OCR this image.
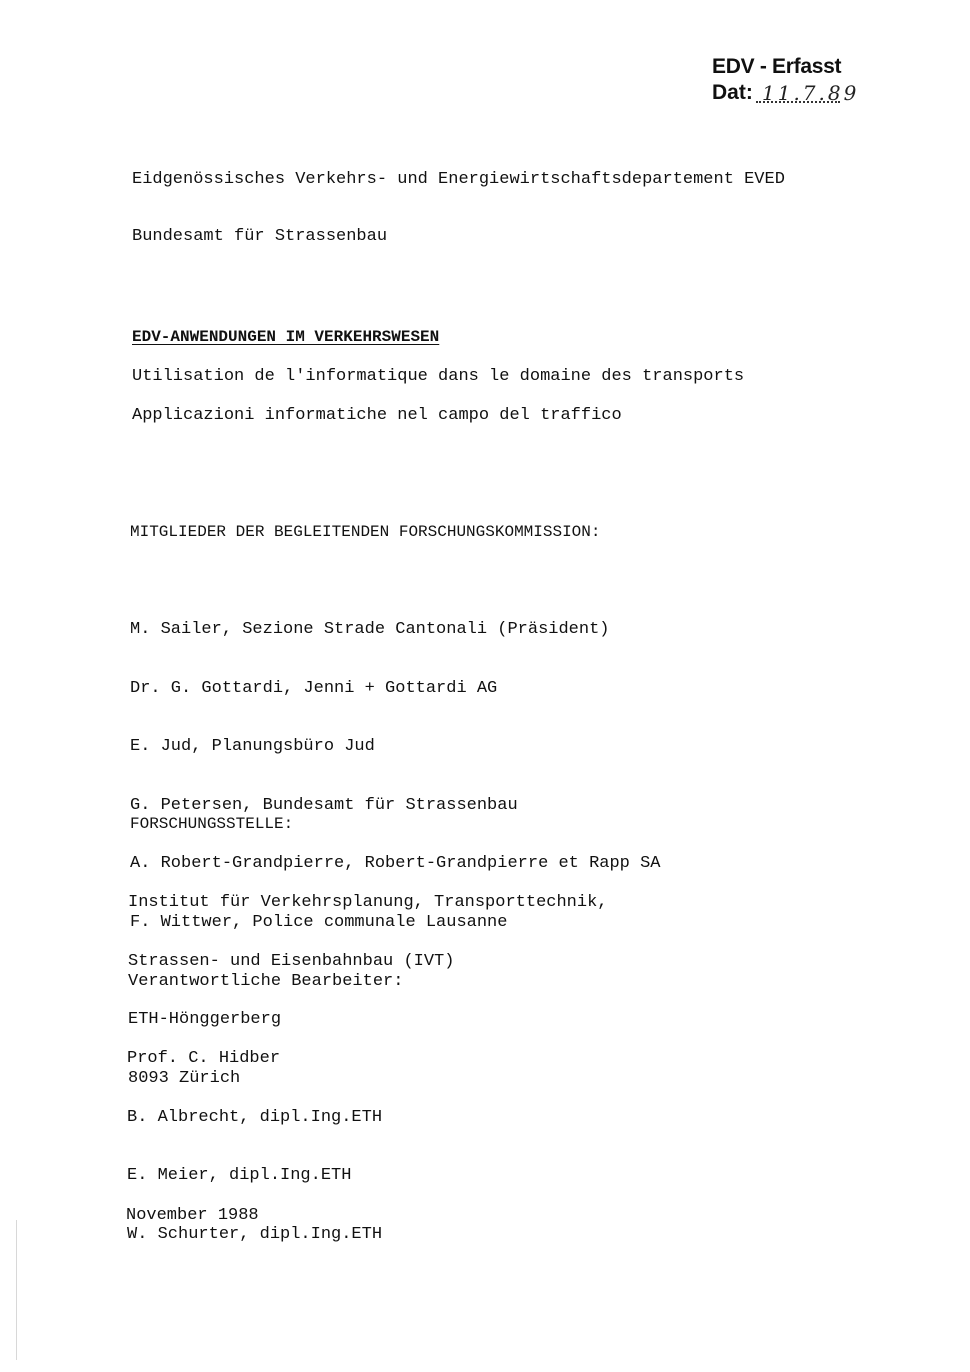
EDV - Erfasst
Dat: 11.7.89

Eidgenössisches Verkehrs- und Energiewirtschaftsdepartement EVED

Bundesamt für Strassenbau

EDV-ANWENDUNGEN IM VERKEHRSWESEN
Utilisation de l'informatique dans le domaine des transports
Applicazioni informatiche nel campo del traffico
MITGLIEDER DER BEGLEITENDEN FORSCHUNGSKOMMISSION:

M. Sailer, Sezione Strade Cantonali (Präsident)

Dr. G. Gottardi, Jenni + Gottardi AG

E. Jud, Planungsbüro Jud

G. Petersen, Bundesamt für Strassenbau

A. Robert-Grandpierre, Robert-Grandpierre et Rapp SA

F. Wittwer, Police communale Lausanne

FORSCHUNGSSTELLE:

Institut für Verkehrsplanung, Transporttechnik,

Strassen- und Eisenbahnbau (IVT)

ETH-Hönggerberg

8093 Zürich

Verantwortliche Bearbeiter:

Prof. C. Hidber

B. Albrecht, dipl.Ing.ETH

E. Meier, dipl.Ing.ETH

W. Schurter, dipl.Ing.ETH

November 1988
